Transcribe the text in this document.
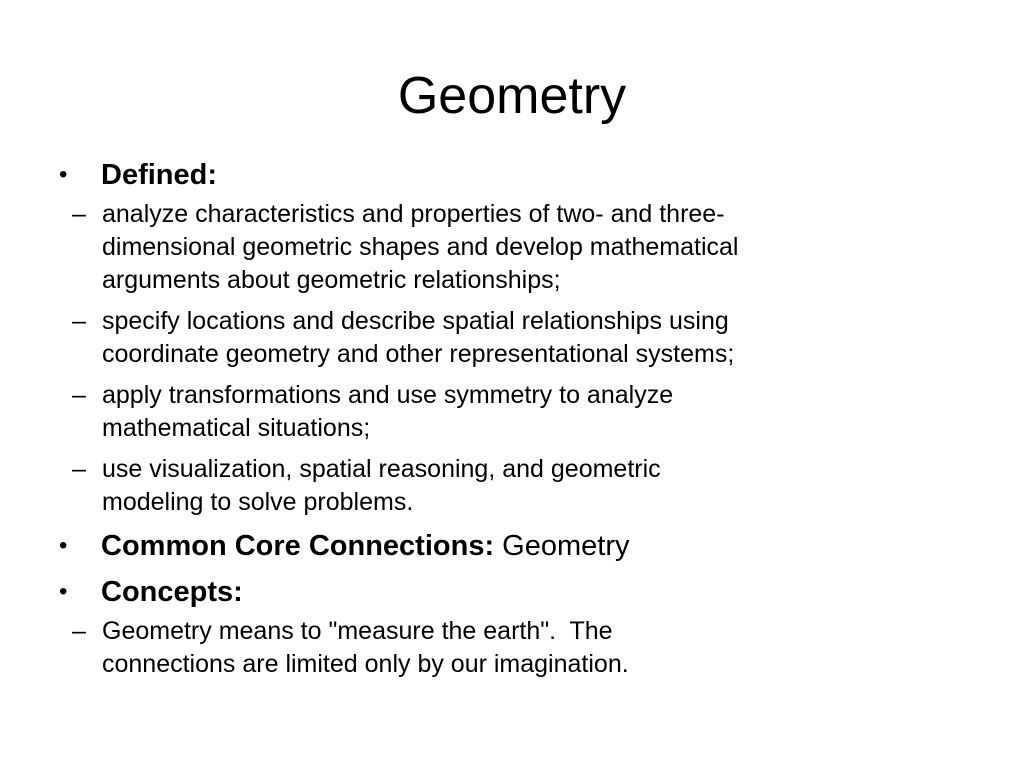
Geometry
•	Defined:
– analyze characteristics and properties of two- and three-
dimensional geometric shapes and develop mathematical
arguments about geometric relationships;
– specify locations and describe spatial relationships using
coordinate geometry and other representational systems;
– apply transformations and use symmetry to analyze
mathematical situations;
– use visualization, spatial reasoning, and geometric
modeling to solve problems.
•	Common Core Connections: Geometry
•	Concepts:
– Geometry means to "measure the earth".  The
connections are limited only by our imagination.
